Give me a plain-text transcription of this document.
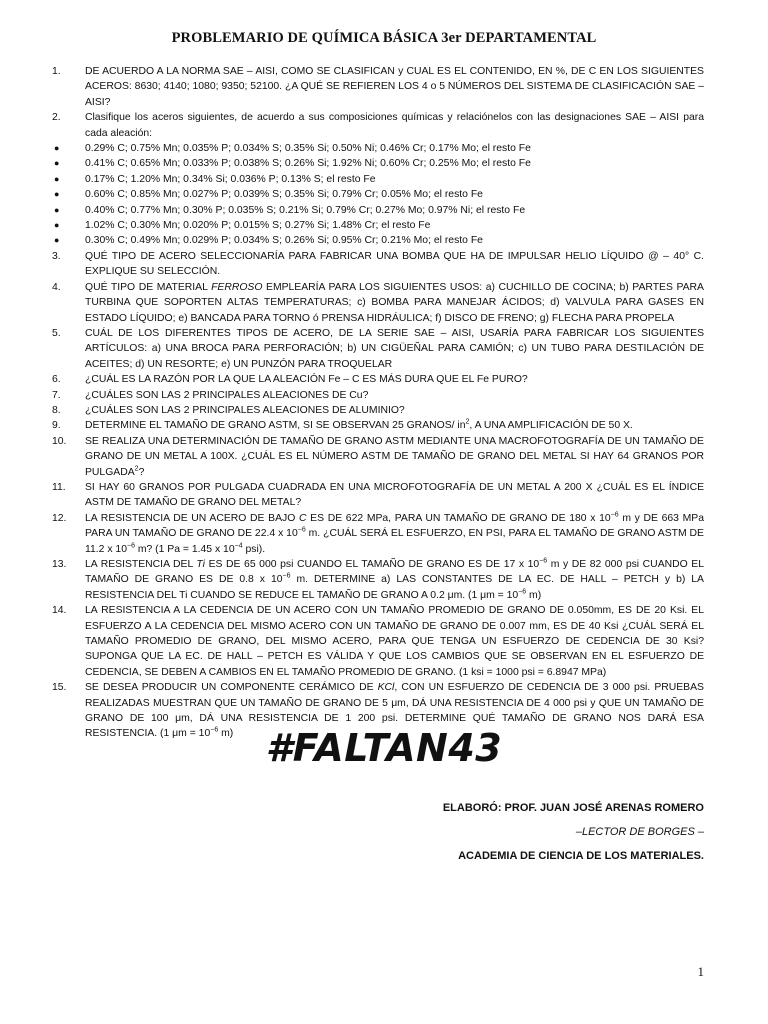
PROBLEMARIO DE QUÍMICA BÁSICA 3er DEPARTAMENTAL
1.	DE ACUERDO A LA NORMA SAE – AISI, COMO SE CLASIFICAN y CUAL ES EL CONTENIDO, EN %, DE C EN LOS SIGUIENTES ACEROS: 8630; 4140; 1080; 9350; 52100. ¿A QUÉ SE REFIEREN LOS 4 o 5 NÚMEROS DEL SISTEMA DE CLASIFICACIÓN SAE – AISI?
2.	Clasifique los aceros siguientes, de acuerdo a sus composiciones químicas y relaciónelos con las designaciones SAE – AISI para cada aleación:
●	0.29% C; 0.75% Mn; 0.035% P; 0.034% S; 0.35% Si; 0.50% Ni; 0.46% Cr; 0.17% Mo; el resto Fe
●	0.41% C; 0.65% Mn; 0.033% P; 0.038% S; 0.26% Si; 1.92% Ni; 0.60% Cr; 0.25% Mo; el resto Fe
●	0.17% C; 1.20% Mn; 0.34% Si; 0.036% P; 0.13% S; el resto Fe
●	0.60% C; 0.85% Mn; 0.027% P; 0.039% S; 0.35% Si; 0.79% Cr; 0.05% Mo; el resto Fe
●	0.40% C; 0.77% Mn; 0.30% P; 0.035% S; 0.21% Si; 0.79% Cr; 0.27% Mo; 0.97% Ni; el resto Fe
●	1.02% C; 0.30% Mn; 0.020% P; 0.015% S; 0.27% Si; 1.48% Cr; el resto Fe
●	0.30% C; 0.49% Mn; 0.029% P; 0.034% S; 0.26% Si; 0.95% Cr; 0.21% Mo; el resto Fe
3.	QUÉ TIPO DE ACERO SELECCIONARÍA PARA FABRICAR UNA BOMBA QUE HA DE IMPULSAR HELIO LÍQUIDO @ – 40° C. EXPLIQUE SU SELECCIÓN.
4.	QUÉ TIPO DE MATERIAL FERROSO EMPLEARÍA PARA LOS SIGUIENTES USOS: a) CUCHILLO DE COCINA; b) PARTES PARA TURBINA QUE SOPORTEN ALTAS TEMPERATURAS; c) BOMBA PARA MANEJAR ÁCIDOS; d) VALVULA PARA GASES EN ESTADO LÍQUIDO; e) BANCADA PARA TORNO ó PRENSA HIDRÁULICA; f) DISCO DE FRENO; g) FLECHA PARA PROPELA
5.	CUÁL DE LOS DIFERENTES TIPOS DE ACERO, DE LA SERIE SAE – AISI, USARÍA PARA FABRICAR LOS SIGUIENTES ARTÍCULOS: a) UNA BROCA PARA PERFORACIÓN; b) UN CIGÜEÑAL PARA CAMIÓN; c) UN TUBO PARA DESTILACIÓN DE ACEITES; d) UN RESORTE; e) UN PUNZÓN PARA TROQUELAR
6.	¿CUÁL ES LA RAZÓN POR LA QUE LA ALEACIÓN Fe – C ES MÁS DURA QUE EL Fe PURO?
7.	¿CUÁLES SON LAS 2 PRINCIPALES ALEACIONES DE Cu?
8.	¿CUÁLES SON LAS 2 PRINCIPALES ALEACIONES DE ALUMINIO?
9.	DETERMINE EL TAMAÑO DE GRANO ASTM, SI SE OBSERVAN 25 GRANOS/ $in^2$, A UNA AMPLIFICACIÓN DE 50 X.
10.	SE REALIZA UNA DETERMINACIÓN DE TAMAÑO DE GRANO ASTM MEDIANTE UNA MACROFOTOGRAFÍA DE UN TAMAÑO DE GRANO DE UN METAL A 100X. ¿CUÁL ES EL NÚMERO ASTM DE TAMAÑO DE GRANO DEL METAL SI HAY 64 GRANOS POR PULGADA$^2$?
11.	SI HAY 60 GRANOS POR PULGADA CUADRADA EN UNA MICROFOTOGRAFÍA DE UN METAL A 200 X ¿CUÁL ES EL ÍNDICE ASTM DE TAMAÑO DE GRANO DEL METAL?
12.	LA RESISTENCIA DE UN ACERO DE BAJO C ES DE 622 MPa, PARA UN TAMAÑO DE GRANO DE 180 x $10^{-6}$ m y DE 663 MPa PARA UN TAMAÑO DE GRANO DE 22.4 x $10^{-6}$ m. ¿CUÁL SERÁ EL ESFUERZO, EN PSI, PARA EL TAMAÑO DE GRANO ASTM DE 11.2 x $10^{-6}$ m? (1 Pa = 1.45 x $10^{-4}$ psi).
13.	LA RESISTENCIA DEL Ti ES DE 65 000 psi CUANDO EL TAMAÑO DE GRANO ES DE 17 x $10^{-6}$ m y DE 82 000 psi CUANDO EL TAMAÑO DE GRANO ES DE 0.8 x $10^{-6}$ m. DETERMINE a) LAS CONSTANTES DE LA EC. DE HALL – PETCH y b) LA RESISTENCIA DEL Ti CUANDO SE REDUCE EL TAMAÑO DE GRANO A 0.2 μm. (1 $\mu m = 10^{-6}$ m)
14.	LA RESISTENCIA A LA CEDENCIA DE UN ACERO CON UN TAMAÑO PROMEDIO DE GRANO DE 0.050mm, ES DE 20 Ksi. EL ESFUERZO A LA CEDENCIA DEL MISMO ACERO CON UN TAMAÑO DE GRANO DE 0.007 mm, ES DE 40 Ksi ¿CUÁL SERÁ EL TAMAÑO PROMEDIO DE GRANO, DEL MISMO ACERO, PARA QUE TENGA UN ESFUERZO DE CEDENCIA DE 30 Ksi? SUPONGA QUE LA EC. DE HALL – PETCH ES VÁLIDA Y QUE LOS CAMBIOS QUE SE OBSERVAN EN EL ESFUERZO DE CEDENCIA, SE DEBEN A CAMBIOS EN EL TAMAÑO PROMEDIO DE GRANO. (1 ksi = 1000 psi = 6.8947 MPa)
15.	SE DESEA PRODUCIR UN COMPONENTE CERÁMICO DE KCl, CON UN ESFUERZO DE CEDENCIA DE 3 000 psi. PRUEBAS REALIZADAS MUESTRAN QUE UN TAMAÑO DE GRANO DE 5 μm, DÁ UNA RESISTENCIA DE 4 000 psi y QUE UN TAMAÑO DE GRANO DE 100 μm, DÁ UNA RESISTENCIA DE 1 200 psi. DETERMINE QUÉ TAMAÑO DE GRANO NOS DARÁ ESA RESISTENCIA. (1 $\mu m = 10^{-6}$ m) #FALTAN43
ELABORÓ: PROF. JUAN JOSÉ ARENAS ROMERO
–LECTOR DE BORGES –
ACADEMIA DE CIENCIA DE LOS MATERIALES.
1
